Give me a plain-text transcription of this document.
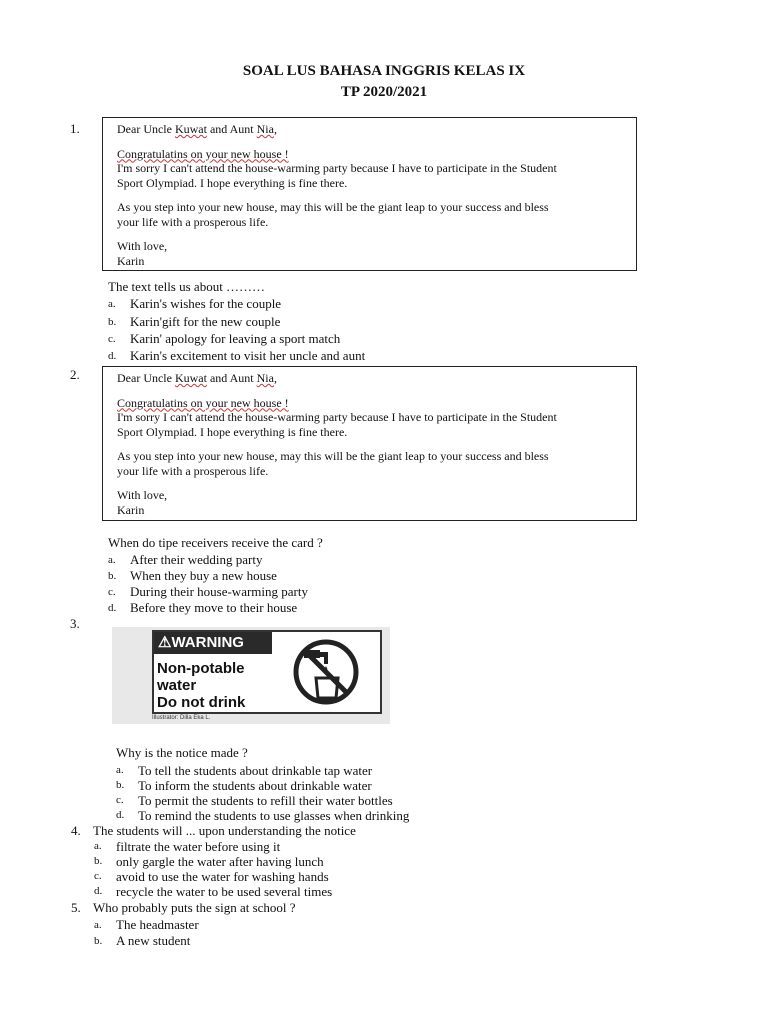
SOAL LUS BAHASA INGGRIS KELAS IX
TP 2020/2021
1.	Dear Uncle Kuwat and Aunt Nia,

Congratulatins on your new house !

I'm sorry I can't attend the house-warming party because I have to participate in the Student

Sport Olympiad. I hope everything is fine there.

As you step into your new house, may this will be the giant leap to your success and bless

your life with a prosperous life.

With love,

Karin

The text tells us about ………
a.	Karin's wishes for the couple
b.	Karin'gift for the new couple
c.	Karin' apology for leaving a sport match
d.	Karin's excitement to visit her uncle and aunt
2.	Dear Uncle Kuwat and Aunt Nia,

Congratulatins on your new house !

I'm sorry I can't attend the house-warming party because I have to participate in the Student

Sport Olympiad. I hope everything is fine there.

As you step into your new house, may this will be the giant leap to your success and bless

your life with a prosperous life.

With love,

Karin

When do tipe receivers receive the card ?
a.	After their wedding party
b.	When they buy a new house
c.	During their house-warming party
d.	Before they move to their house
3.
⚠WARNING
Non-potable
water
Do not drink
Illustrator: Dilla Eka L.
Why is the notice made ?
a.	To tell the students about drinkable tap water
b.	To inform the students about drinkable water
c.	To permit the students to refill their water bottles
d.	To remind the students to use glasses when drinking
4. The students will ... upon understanding the notice
a.	filtrate the water before using it
b.	only gargle the water after having lunch
c.	avoid to use the water for washing hands
d.	recycle the water to be used several times
5. Who probably puts the sign at school ?
a.	The headmaster
b.	A new student
